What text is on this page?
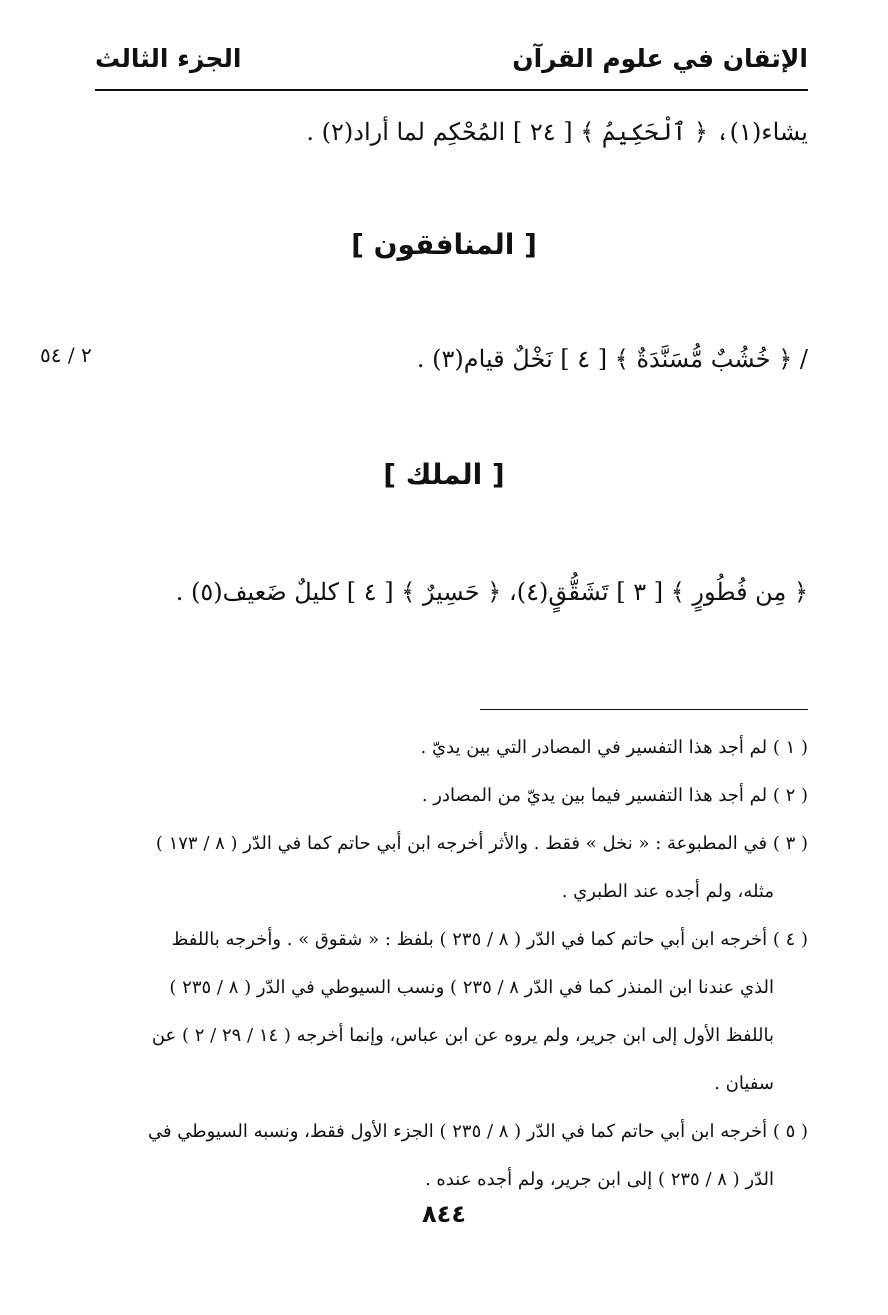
الإتقان في علوم القرآن
الجزء الثالث
يشاء(١)، ﴿ ٱلْحَكِيمُ ﴾ [ ٢٤ ] المُحْكِم لما أراد(٢) .
[ المنافقون ]
/ ﴿ خُشُبٌ مُّسَنَّدَةٌ ﴾ [ ٤ ] نَخْلٌ قيام(٣) .
٢ / ٥٤
[ الملك ]
﴿ مِن فُطُورٍ ﴾ [ ٣ ] تَشَقُّقٍ(٤)، ﴿ حَسِيرٌ ﴾ [ ٤ ] كليلٌ ضَعيف(٥) .
( ١ ) لم أجد هذا التفسير في المصادر التي بين يديّ .
( ٢ ) لم أجد هذا التفسير فيما بين يديّ من المصادر .
( ٣ ) في المطبوعة : « نخل » فقط . والأثر أخرجه ابن أبي حاتم كما في الدّر ( ٨ / ١٧٣ )
مثله، ولم أجده عند الطبري .
( ٤ ) أخرجه ابن أبي حاتم كما في الدّر ( ٨ / ٢٣٥ ) بلفظ : « شقوق » . وأخرجه باللفظ
الذي عندنا ابن المنذر كما في الدّر ٨ / ٢٣٥ ) ونسب السيوطي في الدّر ( ٨ / ٢٣٥ )
باللفظ الأول إلى ابن جرير، ولم يروه عن ابن عباس، وإنما أخرجه ( ١٤ / ٢٩ / ٢ ) عن
سفيان .
( ٥ ) أخرجه ابن أبي حاتم كما في الدّر ( ٨ / ٢٣٥ ) الجزء الأول فقط، ونسبه السيوطي في
الدّر ( ٨ / ٢٣٥ ) إلى ابن جرير، ولم أجده عنده .
٨٤٤
